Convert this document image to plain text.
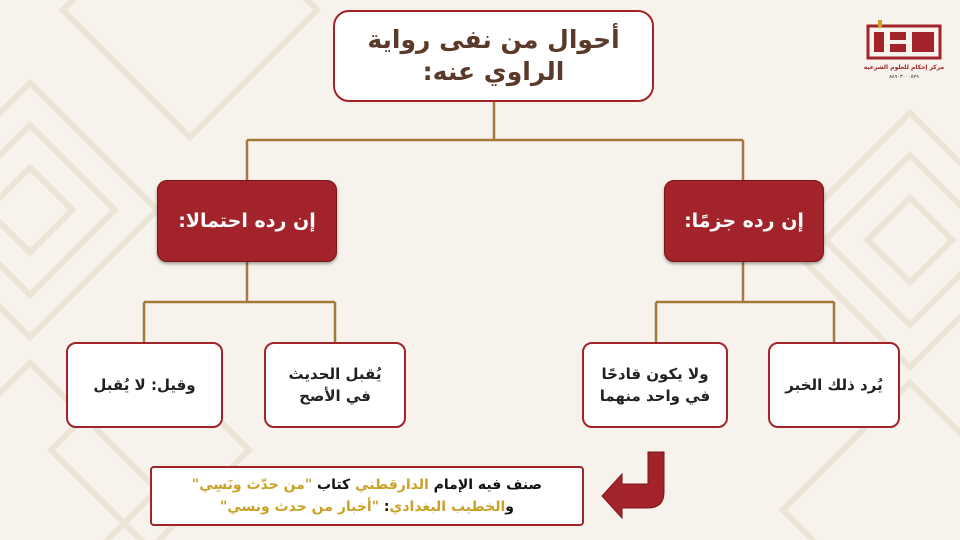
مركز إحكام للعلوم الشرعية
٨٨٩٠٣٠٠٠٥٧٩
أحوال من نفى رواية
الراوي عنه:
إن رده احتمالا:	إن رده جزمًا:
وقيل: لا يُقبل
يُقبل الحديث في الأصح
ولا يكون قادحًا في واحد منهما
يُرد ذلك الخبر
صنف فيه الإمام الدارقطني كتاب "من حدّث ونَسِي"
والخطيب البغدادي: "أخبار من حدث ونسي"
